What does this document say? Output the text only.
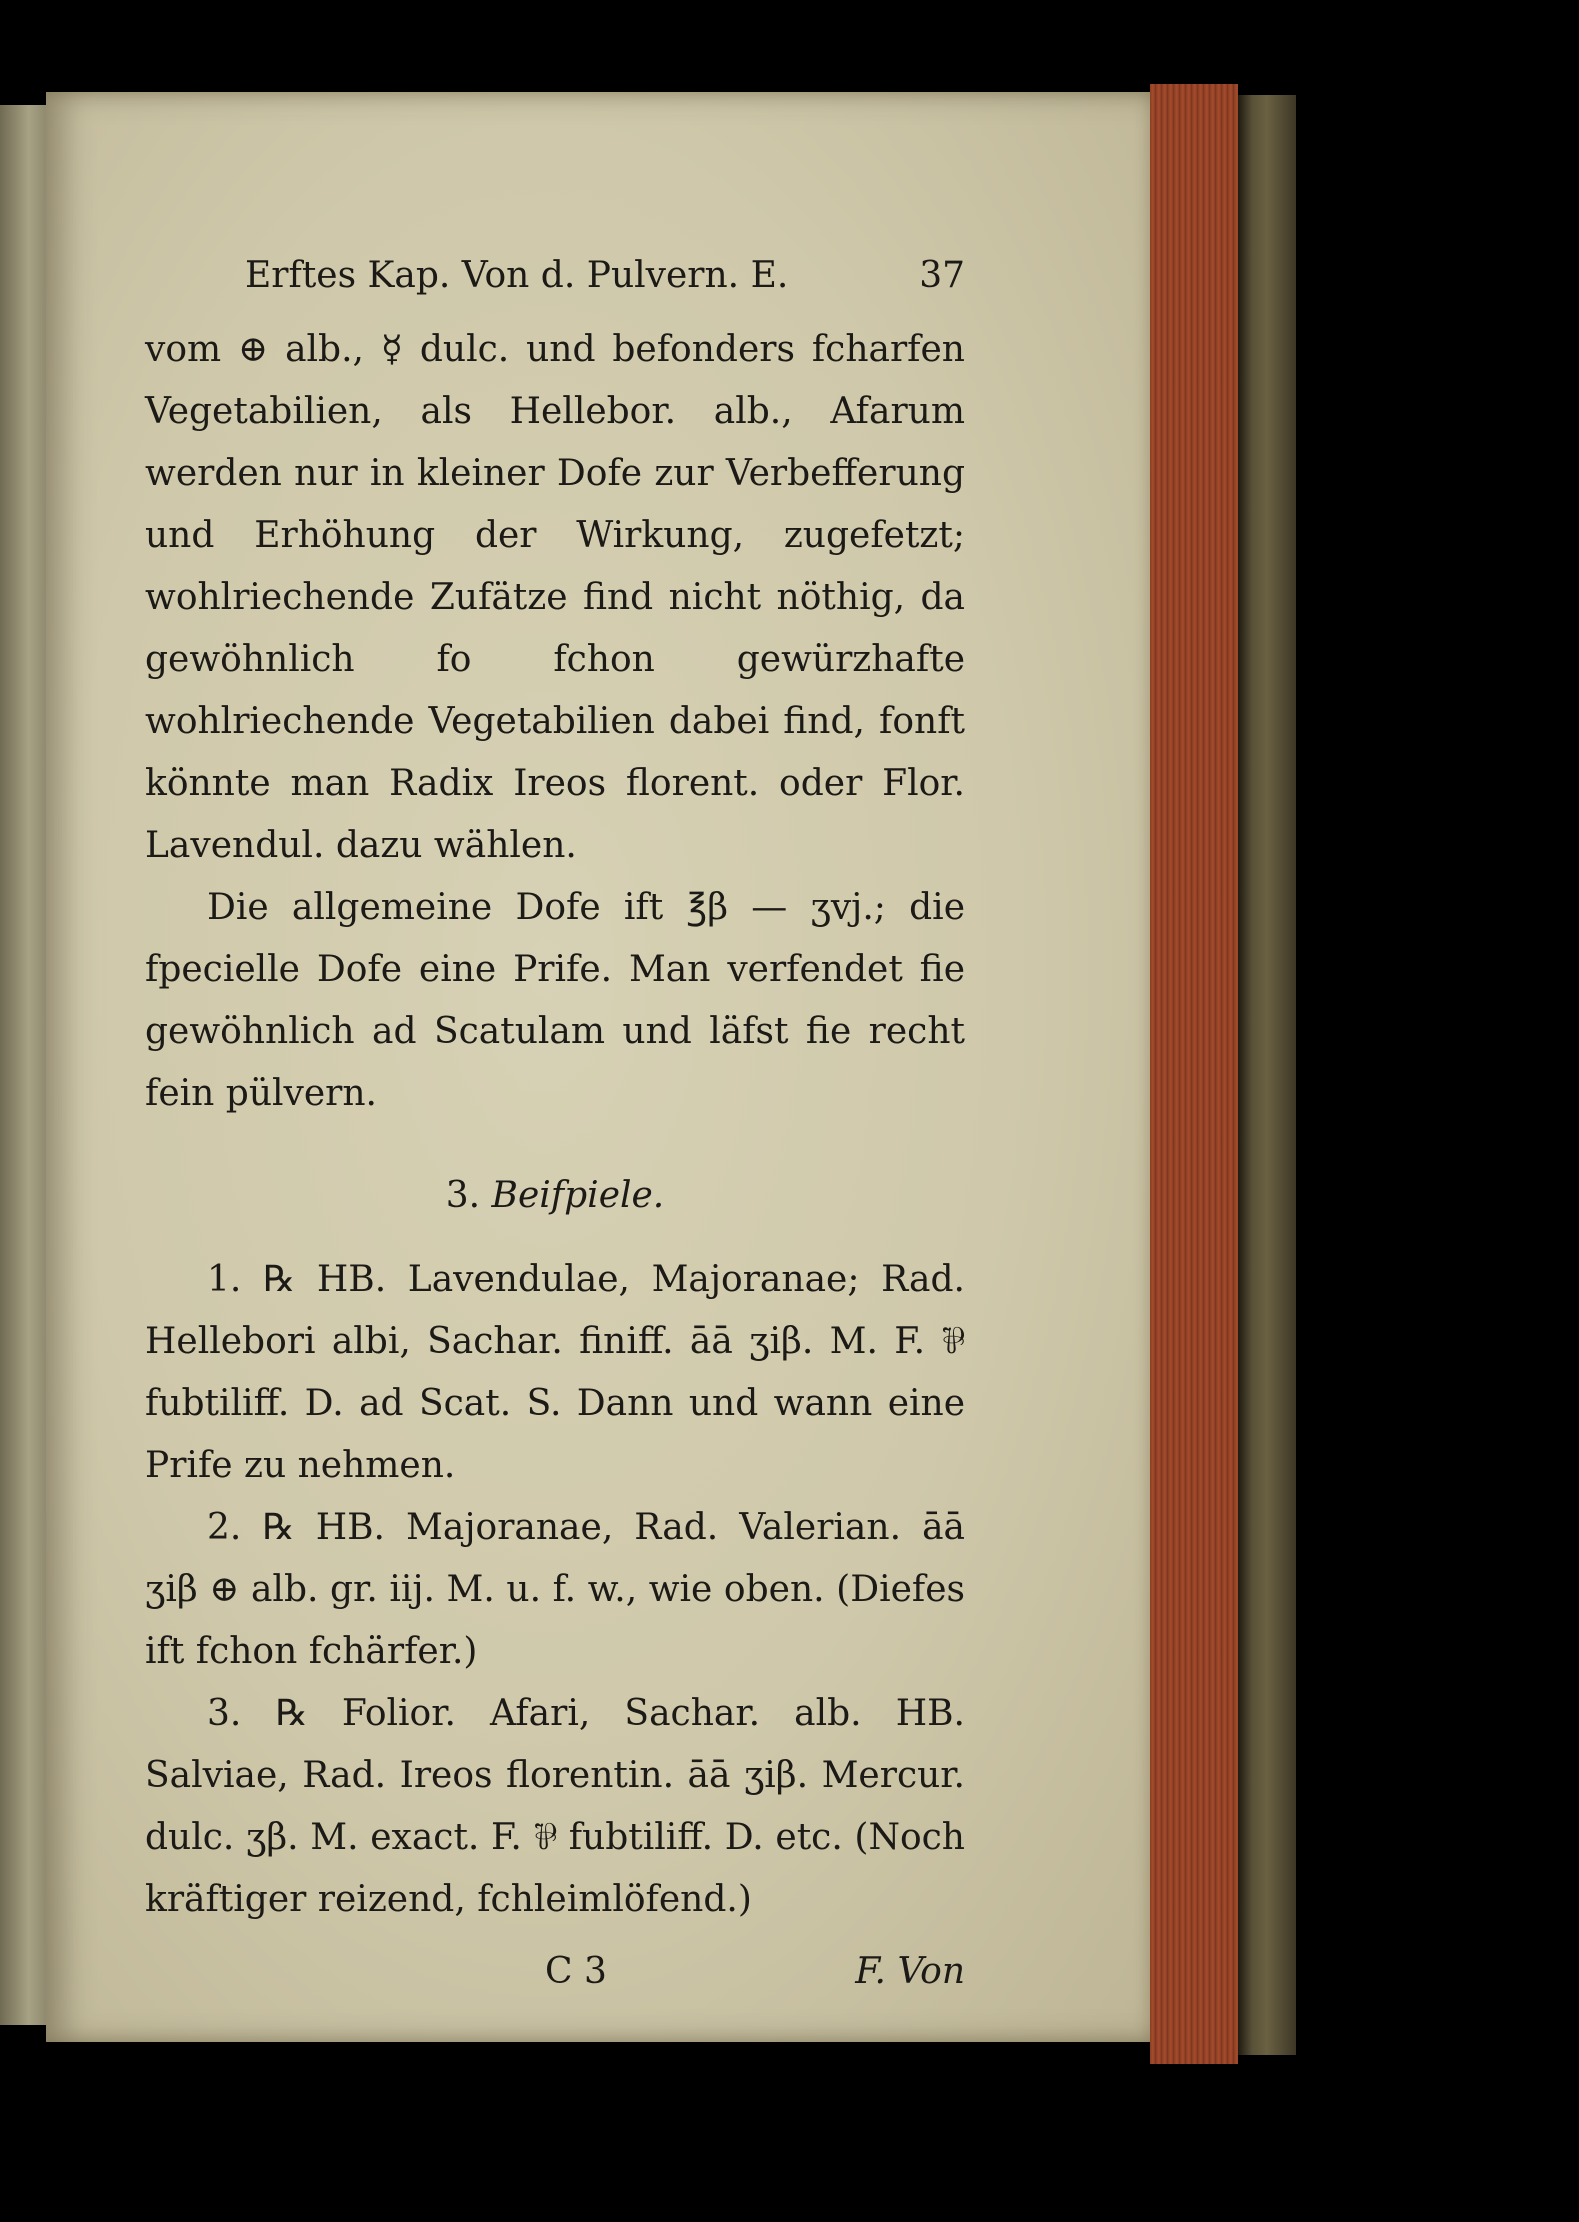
Erftes Kap. Von d. Pulvern. E.	37

vom ⊕ alb., ☿ dulc. und befonders fcharfen Vegetabilien, als Hellebor. alb., Afarum werden nur in kleiner Dofe zur Verbefferung und Erhöhung der Wirkung, zugefetzt; wohlriechende Zufätze find nicht nöthig, da gewöhnlich fo fchon gewürzhafte wohlriechende Vegetabilien dabei find, fonft könnte man Radix Ireos florent. oder Flor. Lavendul. dazu wählen.

Die allgemeine Dofe ift ℥β — ʒvj.; die fpecielle Dofe eine Prife. Man verfendet fie gewöhnlich ad Scatulam und läfst fie recht fein pülvern.

3. Beifpiele.

1. ℞ HB. Lavendulae, Majoranae; Rad. Hellebori albi, Sachar. finiff. āā ʒiβ. M. F. ⅌ fubtiliff. D. ad Scat. S. Dann und wann eine Prife zu nehmen.

2. ℞ HB. Majoranae, Rad. Valerian. āā ʒiβ ⊕ alb. gr. iij. M. u. f. w., wie oben. (Diefes ift fchon fchärfer.)

3. ℞ Folior. Afari, Sachar. alb. HB. Salviae, Rad. Ireos florentin. āā ʒiβ. Mercur. dulc. ʒβ. M. exact. F. ⅌ fubtiliff. D. etc. (Noch kräftiger reizend, fchleimlöfend.)

C 3	F. Von
